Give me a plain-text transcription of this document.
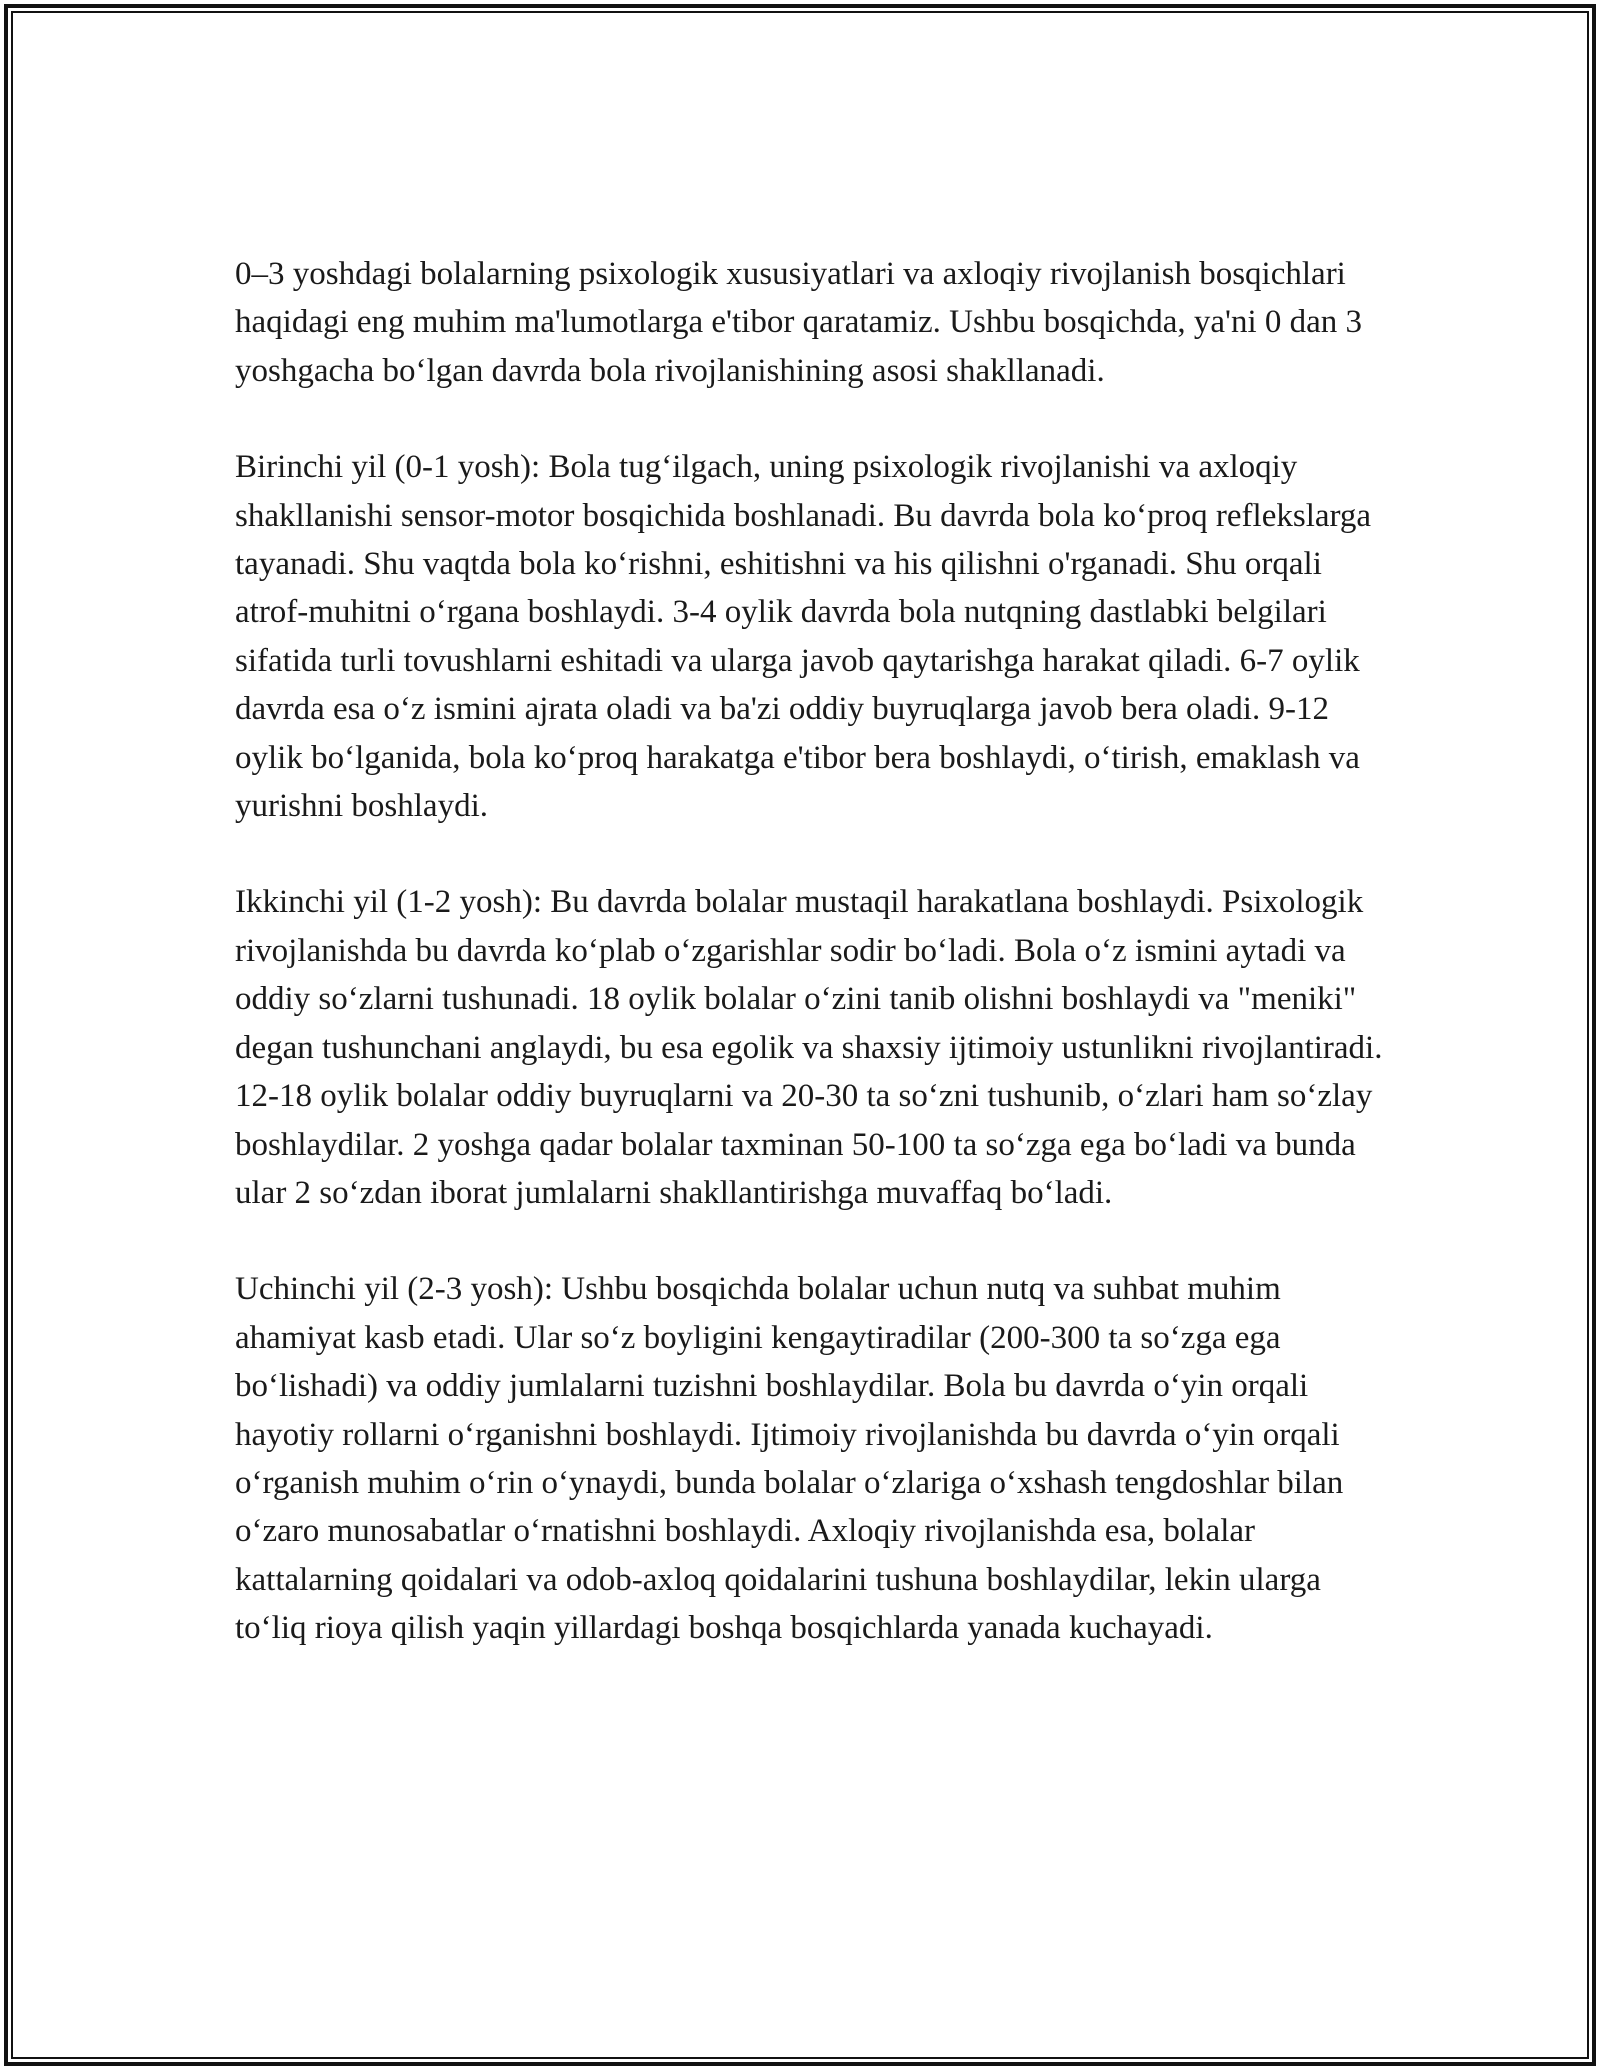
0–3 yoshdagi bolalarning psixologik xususiyatlari va axloqiy rivojlanish bosqichlari haqidagi eng muhim ma'lumotlarga e'tibor qaratamiz. Ushbu bosqichda, ya'ni 0 dan 3 yoshgacha bo‘lgan davrda bola rivojlanishining asosi shakllanadi.

Birinchi yil (0-1 yosh): Bola tug‘ilgach, uning psixologik rivojlanishi va axloqiy shakllanishi sensor-motor bosqichida boshlanadi. Bu davrda bola ko‘proq reflekslarga tayanadi. Shu vaqtda bola ko‘rishni, eshitishni va his qilishni o'rganadi. Shu orqali atrof-muhitni o‘rgana boshlaydi. 3-4 oylik davrda bola nutqning dastlabki belgilari sifatida turli tovushlarni eshitadi va ularga javob qaytarishga harakat qiladi. 6-7 oylik davrda esa o‘z ismini ajrata oladi va ba'zi oddiy buyruqlarga javob bera oladi. 9-12 oylik bo‘lganida, bola ko‘proq harakatga e'tibor bera boshlaydi, o‘tirish, emaklash va yurishni boshlaydi.

Ikkinchi yil (1-2 yosh): Bu davrda bolalar mustaqil harakatlana boshlaydi. Psixologik rivojlanishda bu davrda ko‘plab o‘zgarishlar sodir bo‘ladi. Bola o‘z ismini aytadi va oddiy so‘zlarni tushunadi. 18 oylik bolalar o‘zini tanib olishni boshlaydi va "meniki" degan tushunchani anglaydi, bu esa egolik va shaxsiy ijtimoiy ustunlikni rivojlantiradi. 12-18 oylik bolalar oddiy buyruqlarni va 20-30 ta so‘zni tushunib, o‘zlari ham so‘zlay boshlaydilar. 2 yoshga qadar bolalar taxminan 50-100 ta so‘zga ega bo‘ladi va bunda ular 2 so‘zdan iborat jumlalarni shakllantirishga muvaffaq bo‘ladi.

Uchinchi yil (2-3 yosh): Ushbu bosqichda bolalar uchun nutq va suhbat muhim ahamiyat kasb etadi. Ular so‘z boyligini kengaytiradilar (200-300 ta so‘zga ega bo‘lishadi) va oddiy jumlalarni tuzishni boshlaydilar. Bola bu davrda o‘yin orqali hayotiy rollarni o‘rganishni boshlaydi. Ijtimoiy rivojlanishda bu davrda o‘yin orqali o‘rganish muhim o‘rin o‘ynaydi, bunda bolalar o‘zlariga o‘xshash tengdoshlar bilan o‘zaro munosabatlar o‘rnatishni boshlaydi. Axloqiy rivojlanishda esa, bolalar kattalarning qoidalari va odob-axloq qoidalarini tushuna boshlaydilar, lekin ularga to‘liq rioya qilish yaqin yillardagi boshqa bosqichlarda yanada kuchayadi.
